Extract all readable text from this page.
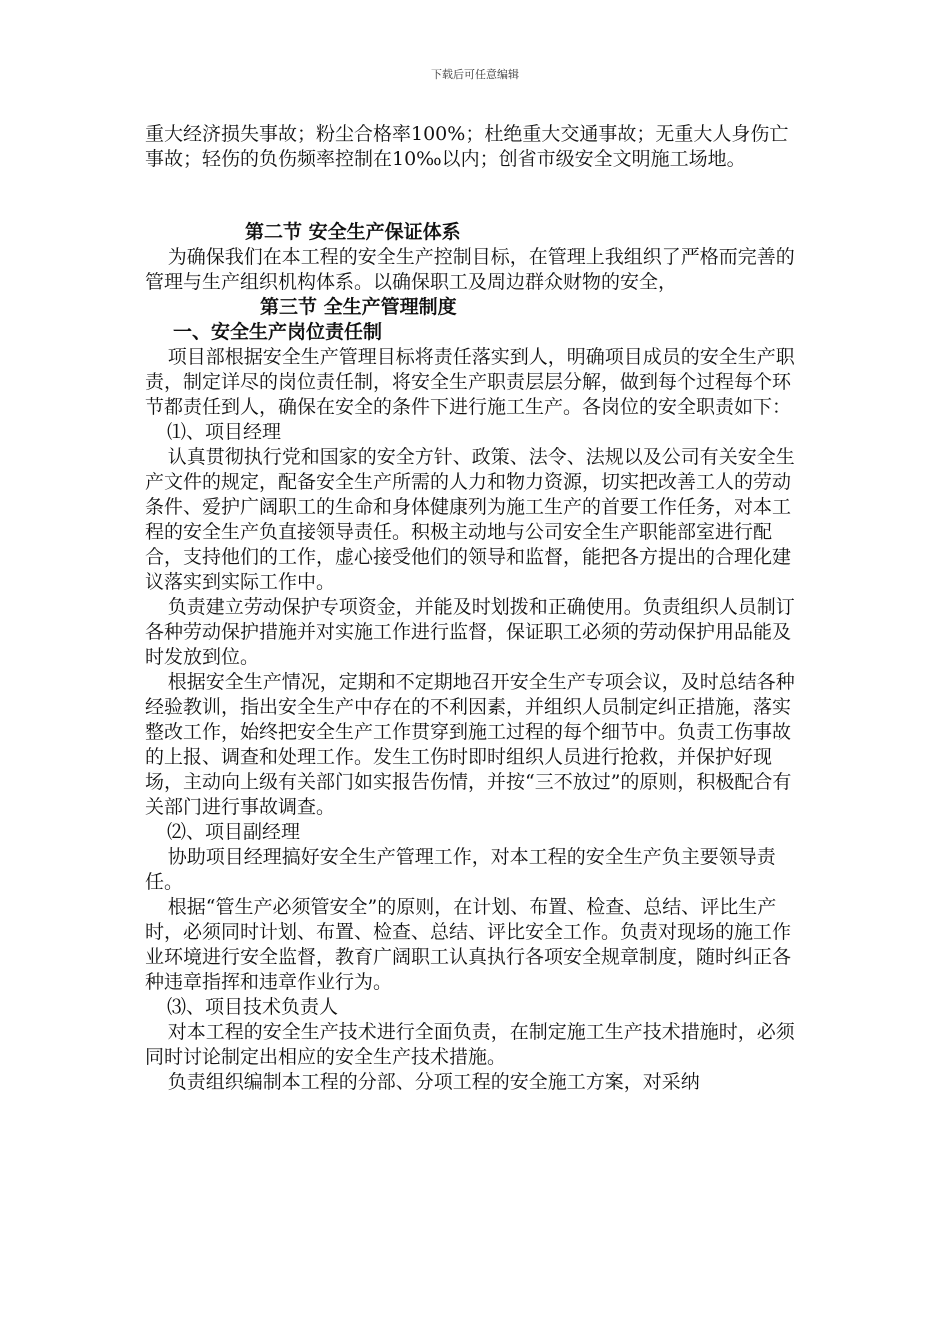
下载后可任意编辑

重大经济损失事故；粉尘合格率100%；杜绝重大交通事故；无重大人身伤亡事故；轻伤的负伤频率控制在10‰以内；创省市级安全文明施工场地。

第二节 安全生产保证体系

为确保我们在本工程的安全生产控制目标，在管理上我组织了严格而完善的管理与生产组织机构体系。以确保职工及周边群众财物的安全，

第三节 全生产管理制度

一、安全生产岗位责任制

项目部根据安全生产管理目标将责任落实到人，明确项目成员的安全生产职责，制定详尽的岗位责任制，将安全生产职责层层分解，做到每个过程每个环节都责任到人，确保在安全的条件下进行施工生产。各岗位的安全职责如下：

⑴、项目经理

认真贯彻执行党和国家的安全方针、政策、法令、法规以及公司有关安全生产文件的规定，配备安全生产所需的人力和物力资源，切实把改善工人的劳动条件、爱护广阔职工的生命和身体健康列为施工生产的首要工作任务，对本工程的安全生产负直接领导责任。积极主动地与公司安全生产职能部室进行配合，支持他们的工作，虚心接受他们的领导和监督，能把各方提出的合理化建议落实到实际工作中。

负责建立劳动保护专项资金，并能及时划拨和正确使用。负责组织人员制订各种劳动保护措施并对实施工作进行监督，保证职工必须的劳动保护用品能及时发放到位。

根据安全生产情况，定期和不定期地召开安全生产专项会议，及时总结各种经验教训，指出安全生产中存在的不利因素，并组织人员制定纠正措施，落实整改工作，始终把安全生产工作贯穿到施工过程的每个细节中。负责工伤事故的上报、调查和处理工作。发生工伤时即时组织人员进行抢救，并保护好现场，主动向上级有关部门如实报告伤情，并按“三不放过”的原则，积极配合有关部门进行事故调查。

⑵、项目副经理

协助项目经理搞好安全生产管理工作，对本工程的安全生产负主要领导责任。

根据“管生产必须管安全”的原则，在计划、布置、检查、总结、评比生产时，必须同时计划、布置、检查、总结、评比安全工作。负责对现场的施工作业环境进行安全监督，教育广阔职工认真执行各项安全规章制度，随时纠正各种违章指挥和违章作业行为。

⑶、项目技术负责人

对本工程的安全生产技术进行全面负责，在制定施工生产技术措施时，必须同时讨论制定出相应的安全生产技术措施。

负责组织编制本工程的分部、分项工程的安全施工方案，对采纳
